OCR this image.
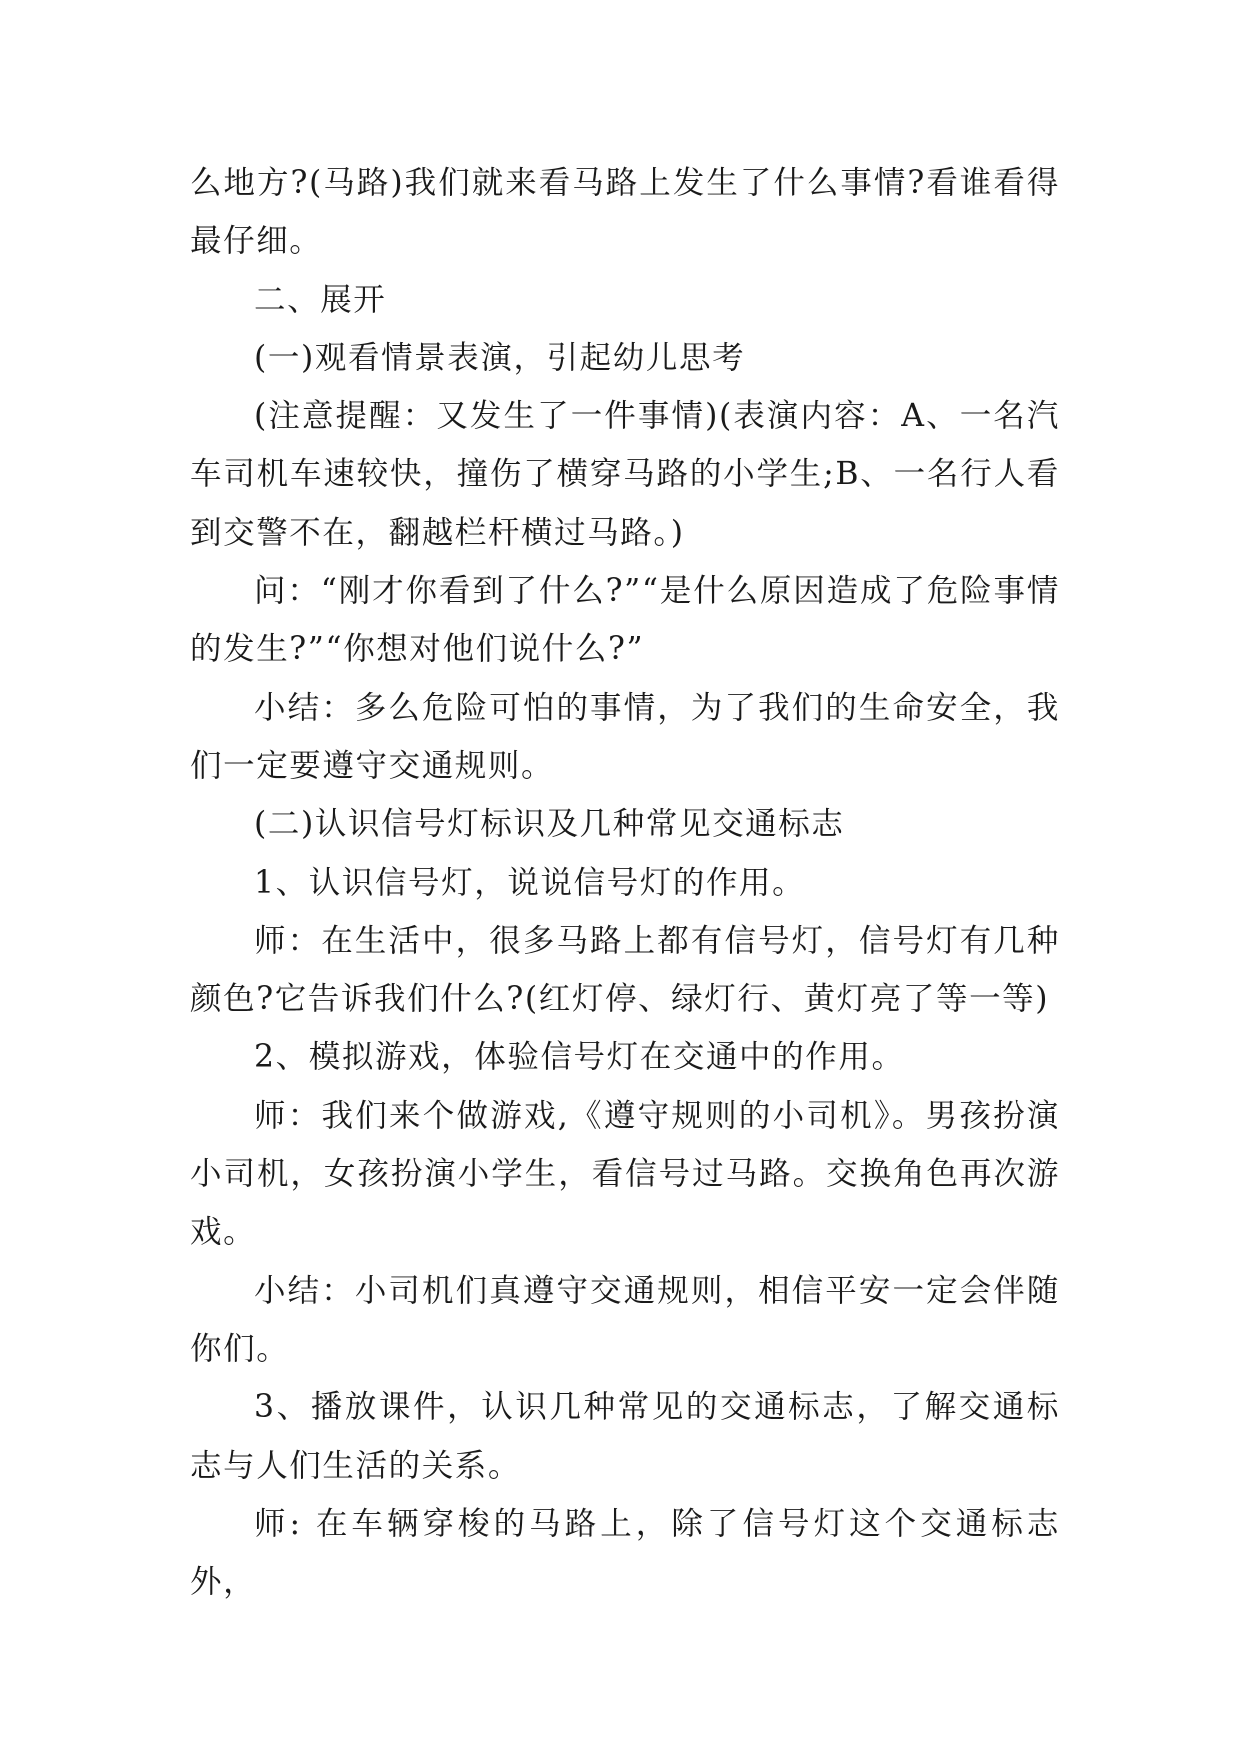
么地方?(马路)我们就来看马路上发生了什么事情?看谁看得最仔细。

二、展开

(一)观看情景表演，引起幼儿思考

(注意提醒：又发生了一件事情)(表演内容：A、一名汽车司机车速较快，撞伤了横穿马路的小学生;B、一名行人看到交警不在，翻越栏杆横过马路。)

问：“刚才你看到了什么?”“是什么原因造成了危险事情的发生?”“你想对他们说什么?”

小结：多么危险可怕的事情，为了我们的生命安全，我们一定要遵守交通规则。

(二)认识信号灯标识及几种常见交通标志

1、认识信号灯，说说信号灯的作用。

师：在生活中，很多马路上都有信号灯，信号灯有几种颜色?它告诉我们什么?(红灯停、绿灯行、黄灯亮了等一等)

2、模拟游戏，体验信号灯在交通中的作用。

师：我们来个做游戏,《遵守规则的小司机》。男孩扮演小司机，女孩扮演小学生，看信号过马路。交换角色再次游戏。

小结：小司机们真遵守交通规则，相信平安一定会伴随你们。

3、播放课件，认识几种常见的交通标志，了解交通标志与人们生活的关系。

师: 在车辆穿梭的马路上，除了信号灯这个交通标志外，
